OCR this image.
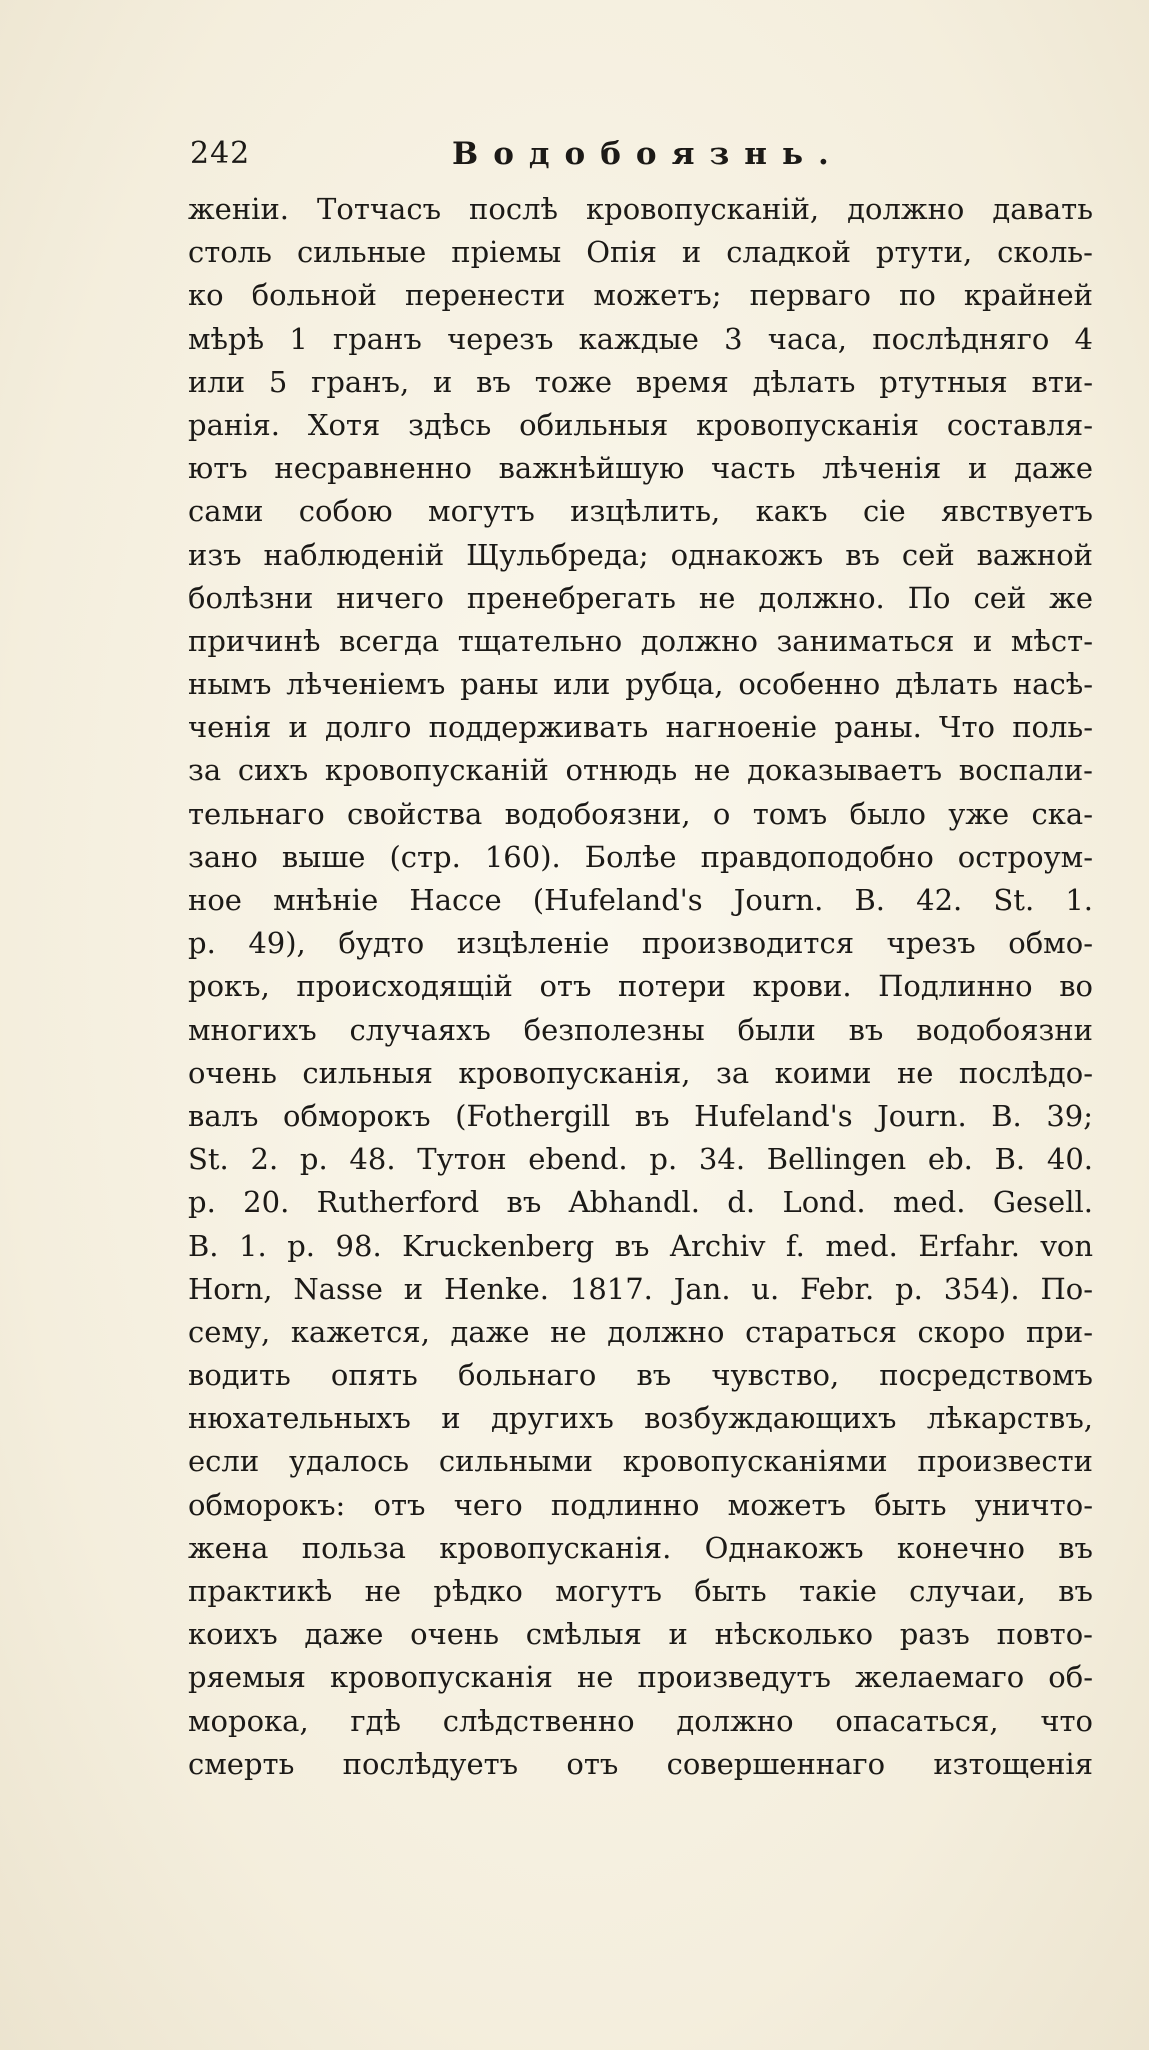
242	Водобоязнь.
женіи. Тотчасъ послѣ кровопусканій, должно давать
столь сильные пріемы Опія и сладкой ртути, сколь-
ко больной перенести можетъ; перваго по крайней
мѣрѣ 1 гранъ черезъ каждые 3 часа, послѣдняго 4
или 5 гранъ, и въ тоже время дѣлать ртутныя вти-
ранія. Хотя здѣсь обильныя кровопусканія составля-
ютъ несравненно важнѣйшую часть лѣченія и даже
сами собою могутъ изцѣлить, какъ сіе явствуетъ
изъ наблюденій Щульбреда; однакожъ въ сей важной
болѣзни ничего пренебрегать не должно. По сей же
причинѣ всегда тщательно должно заниматься и мѣст-
нымъ лѣченіемъ раны или рубца, особенно дѣлать насѣ-
ченія и долго поддерживать нагноеніе раны. Что поль-
за сихъ кровопусканій отнюдь не доказываетъ воспали-
тельнаго свойства водобоязни, о томъ было уже ска-
зано выше (стр. 160). Болѣе правдоподобно остроум-
ное мнѣніе Нассе (Hufeland's Journ. B. 42. St. 1.
p. 49), будто изцѣленіе производится чрезъ обмо-
рокъ, происходящій отъ потери крови. Подлинно во
многихъ случаяхъ безполезны были въ водобоязни
очень сильныя кровопусканія, за коими не послѣдо-
валъ обморокъ (Fothergill въ Hufeland's Journ. B. 39;
St. 2. p. 48. Тутон ebend. p. 34. Bellingen eb. B. 40.
p. 20. Rutherford въ Abhandl. d. Lond. med. Gesell.
B. 1. p. 98. Kruckenberg въ Archiv f. med. Erfahr. von
Horn, Nasse и Henke. 1817. Jan. u. Febr. p. 354). По-
сему, кажется, даже не должно стараться скоро при-
водить опять больнаго въ чувство, посредствомъ
нюхательныхъ и другихъ возбуждающихъ лѣкарствъ,
если удалось сильными кровопусканіями произвести
обморокъ: отъ чего подлинно можетъ быть уничто-
жена польза кровопусканія. Однакожъ конечно въ
практикѣ не рѣдко могутъ быть такіе случаи, въ
коихъ даже очень смѣлыя и нѣсколько разъ повто-
ряемыя кровопусканія не произведутъ желаемаго об-
морока, гдѣ слѣдственно должно опасаться, что
смерть послѣдуетъ отъ совершеннаго изтощенія
